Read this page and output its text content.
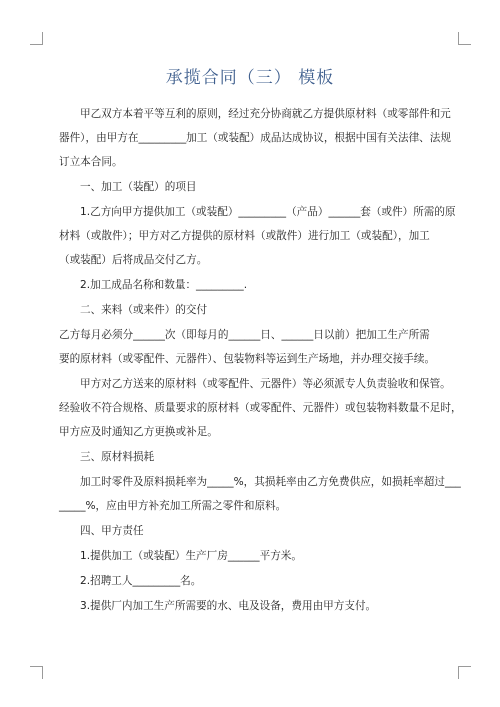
承揽合同（三） 模板
甲乙双方本着平等互利的原则，经过充分协商就乙方提供原材料（或零部件和元
器件），由甲方在_________加工（或装配）成品达成协议，根据中国有关法律、法规
订立本合同。
一、加工（装配）的项目
1.乙方向甲方提供加工（或装配）_________（产品）______套（或件）所需的原
材料（或散件）；甲方对乙方提供的原材料（或散件）进行加工（或装配），加工
（或装配）后将成品交付乙方。
2.加工成品名称和数量：_________.
二、来料（或来件）的交付
乙方每月必须分______次（即每月的______日、______日以前）把加工生产所需
要的原材料（或零配件、元器件）、包装物料等运到生产场地，并办理交接手续。
甲方对乙方送来的原材料（或零配件、元器件）等必须派专人负责验收和保管。
经验收不符合规格、质量要求的原材料（或零配件、元器件）或包装物料数量不足时，
甲方应及时通知乙方更换或补足。
三、原材料损耗
加工时零件及原料损耗率为_____%，其损耗率由乙方免费供应，如损耗率超过___
_____%，应由甲方补充加工所需之零件和原料。
四、甲方责任
1.提供加工（或装配）生产厂房______平方米。
2.招聘工人_________名。
3.提供厂内加工生产所需要的水、电及设备，费用由甲方支付。
